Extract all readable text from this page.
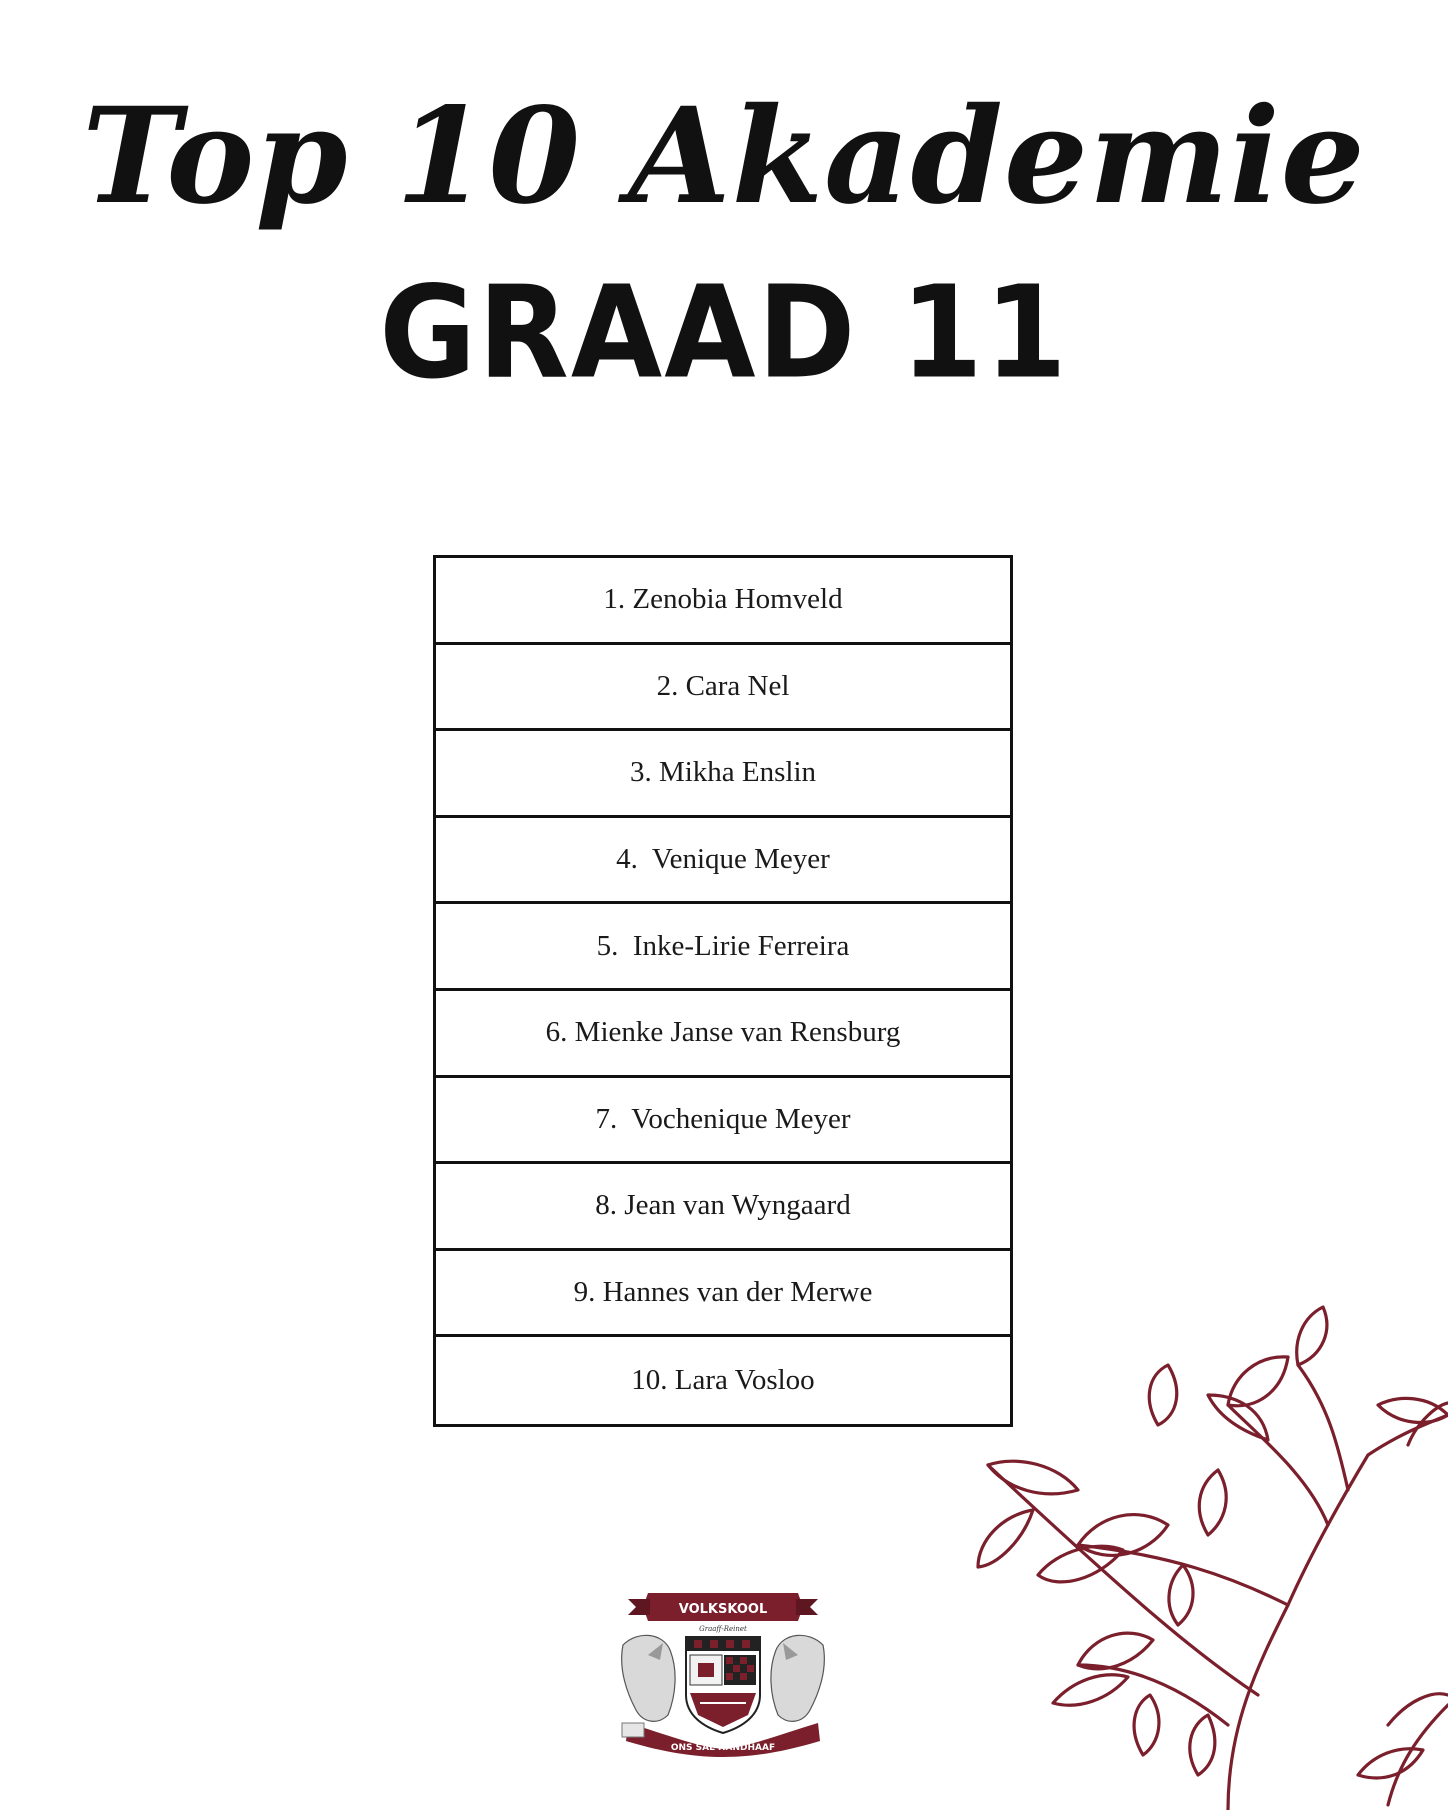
Top 10 Akademie
GRAAD 11
1. Zenobia Homveld
2. Cara Nel
3. Mikha Enslin
4.  Venique Meyer
5.  Inke-Lirie Ferreira
6. Mienke Janse van Rensburg
7.  Vochenique Meyer
8. Jean van Wyngaard
9. Hannes van der Merwe
10. Lara Vosloo
VOLKSKOOL
Graaff-Reinet
ONS SAL HANDHAAF
